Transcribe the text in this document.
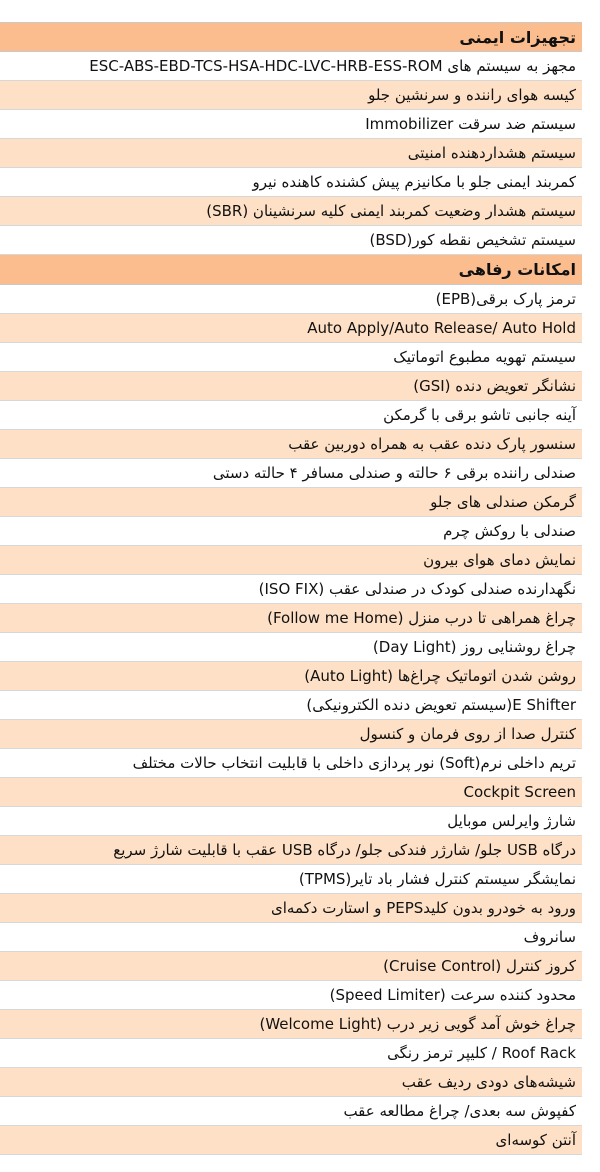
تجهیزات ایمنی
مجهز به سیستم های ESC-ABS-EBD-TCS-HSA-HDC-LVC-HRB-ESS-ROM
کیسه هوای راننده و سرنشین جلو
سیستم ضد سرقت Immobilizer
سیستم هشداردهنده امنیتی
کمربند ایمنی جلو با مکانیزم پیش کشنده کاهنده نیرو
سیستم هشدار وضعیت کمربند ایمنی کلیه سرنشینان (SBR)
سیستم تشخیص نقطه کور(BSD)
امکانات رفاهی
ترمز پارک برقی(EPB)
Auto Apply/Auto Release/ Auto Hold
سیستم تهویه مطبوع اتوماتیک
نشانگر تعویض دنده (GSI)
آینه جانبی تاشو برقی با گرمکن
سنسور پارک دنده عقب به همراه دوربین عقب
صندلی راننده برقی ۶ حالته و صندلی مسافر ۴ حالته دستی
گرمکن صندلی های جلو
صندلی با روکش چرم
نمایش دمای هوای بیرون
نگهدارنده صندلی کودک در صندلی عقب (ISO FIX)
چراغ همراهی تا درب منزل (Follow me Home)
چراغ روشنایی روز (Day Light)
روشن شدن اتوماتیک چراغ‌ها (Auto Light)
E Shifter(سیستم تعویض دنده الکترونیکی)
کنترل صدا از روی فرمان و کنسول
تریم داخلی نرم(Soft) نور پردازی داخلی با قابلیت انتخاب حالات مختلف
Cockpit Screen
شارژ وایرلس موبایل
درگاه USB جلو/ شارژر فندکی جلو/ درگاه USB عقب با قابلیت شارژ سریع
نمایشگر سیستم کنترل فشار باد تایر(TPMS)
ورود به خودرو بدون کلیدPEPS و استارت دکمه‌ای
سانروف
کروز کنترل (Cruise Control)
محدود کننده سرعت (Speed Limiter)
چراغ خوش آمد گویی زیر درب (Welcome Light)
Roof Rack / کلیپر ترمز رنگی
شیشه‌های دودی ردیف عقب
کفپوش سه بعدی/ چراغ مطالعه عقب
آنتن کوسه‌ای
